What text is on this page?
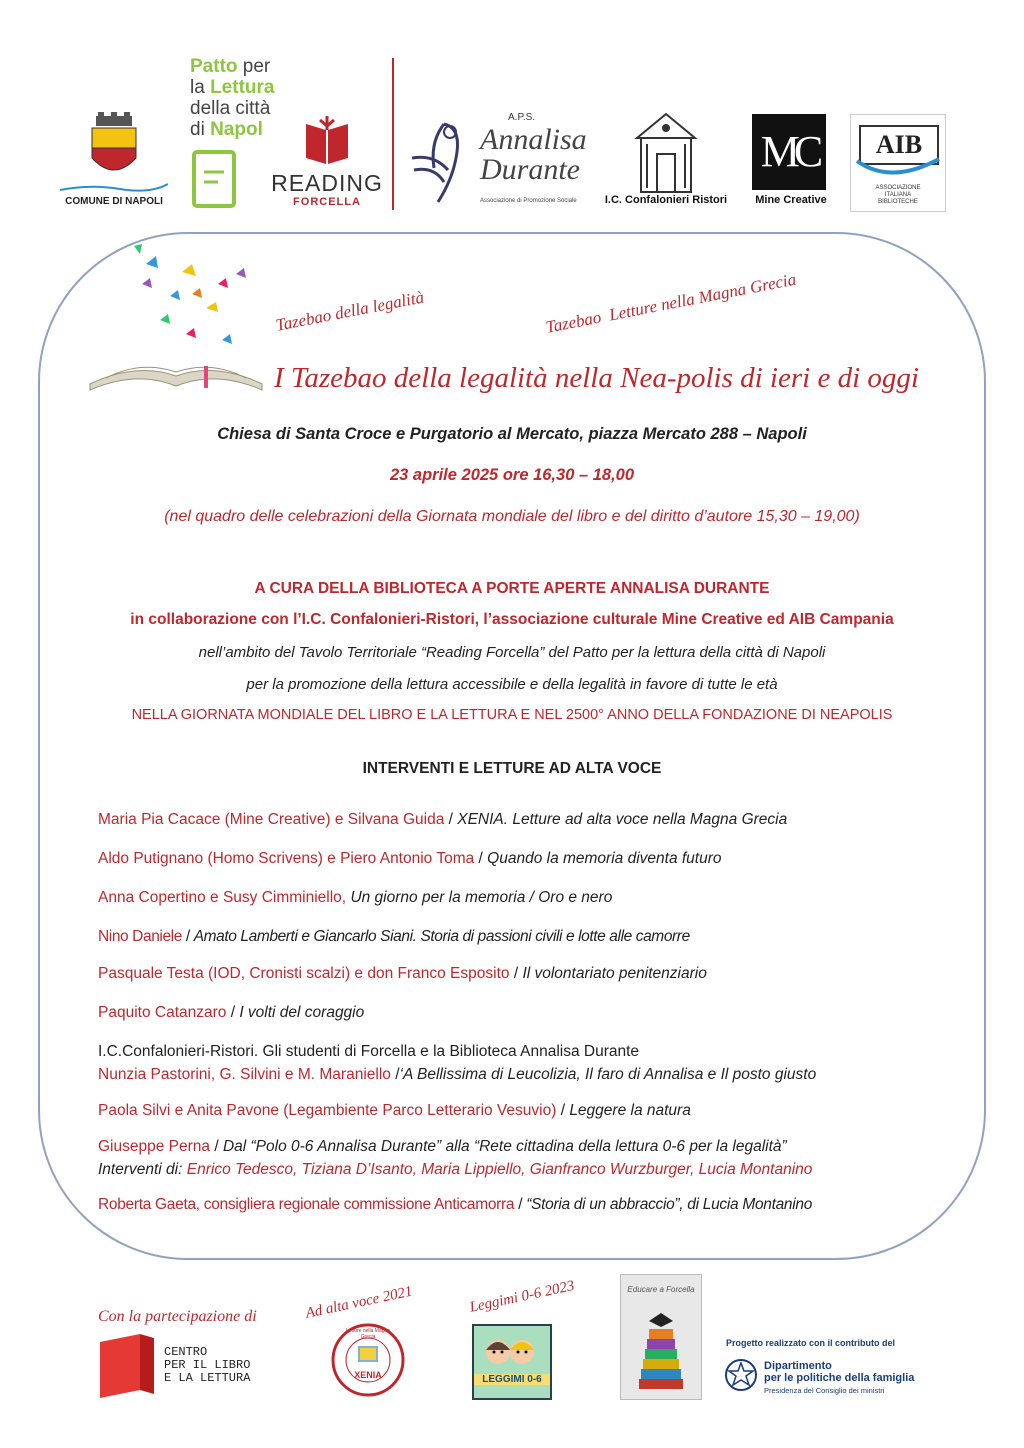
COMUNE DI NAPOLI
Patto per
la Lettura
della città
di Napol
READING
FORCELLA
A.P.S.
Annalisa
Durante
Associazione di Promozione Sociale	I.C. Confalonieri Ristori
MC
Mine Creative
AIB
ASSOCIAZIONE ITALIANA BIBLIOTECHE
Tazebao della legalità	Tazebao  Letture nella Magna Grecia
I Tazebao della legalità nella Nea-polis di ieri e di oggi
Chiesa di Santa Croce e Purgatorio al Mercato, piazza Mercato 288 – Napoli
23 aprile 2025 ore 16,30 – 18,00
(nel quadro delle celebrazioni della Giornata mondiale del libro e del diritto d’autore 15,30 – 19,00)
A CURA DELLA BIBLIOTECA A PORTE APERTE ANNALISA DURANTE
in collaborazione con l’I.C. Confalonieri-Ristori, l’associazione culturale Mine Creative ed AIB Campania
nell’ambito del Tavolo Territoriale “Reading Forcella” del Patto per la lettura della città di Napoli
per la promozione della lettura accessibile e della legalità in favore di tutte le età
NELLA GIORNATA MONDIALE DEL LIBRO E LA LETTURA E NEL 2500° ANNO DELLA FONDAZIONE DI NEAPOLIS
INTERVENTI E LETTURE AD ALTA VOCE
Maria Pia Cacace (Mine Creative) e Silvana Guida / XENIA. Letture ad alta voce nella Magna Grecia
Aldo Putignano (Homo Scrivens) e Piero Antonio Toma / Quando la memoria diventa futuro
Anna Copertino e Susy Cimminiello, Un giorno per la memoria / Oro e nero
Nino Daniele / Amato Lamberti e Giancarlo Siani. Storia di passioni civili e lotte alle camorre
Pasquale Testa (IOD, Cronisti scalzi) e don Franco Esposito / Il volontariato penitenziario
Paquito Catanzaro / I volti del coraggio
I.C.Confalonieri-Ristori. Gli studenti di Forcella e la Biblioteca Annalisa Durante
Nunzia Pastorini, G. Silvini e M. Maraniello /‘A Bellissima di Leucolizia, Il faro di Annalisa e Il posto giusto
Paola Silvi e Anita Pavone (Legambiente Parco Letterario Vesuvio) / Leggere la natura
Giuseppe Perna / Dal “Polo 0-6 Annalisa Durante” alla “Rete cittadina della lettura 0-6 per la legalità”
Interventi di: Enrico Tedesco, Tiziana D’Isanto, Maria Lippiello, Gianfranco Wurzburger, Lucia Montanino
Roberta Gaeta, consigliera regionale commissione Anticamorra / “Storia di un abbraccio”, di Lucia Montanino
Con la partecipazione di
CENTRO
PER IL LIBRO
E LA LETTURA
Ad alta voce 2021
Letture nella Magna Grecia
XENIA
Leggimi 0-6 2023
LEGGIMI 0-6
Educare a Forcella
Progetto realizzato con il contributo del
Dipartimento
per le politiche della famiglia
Presidenza del Consiglio dei ministri
